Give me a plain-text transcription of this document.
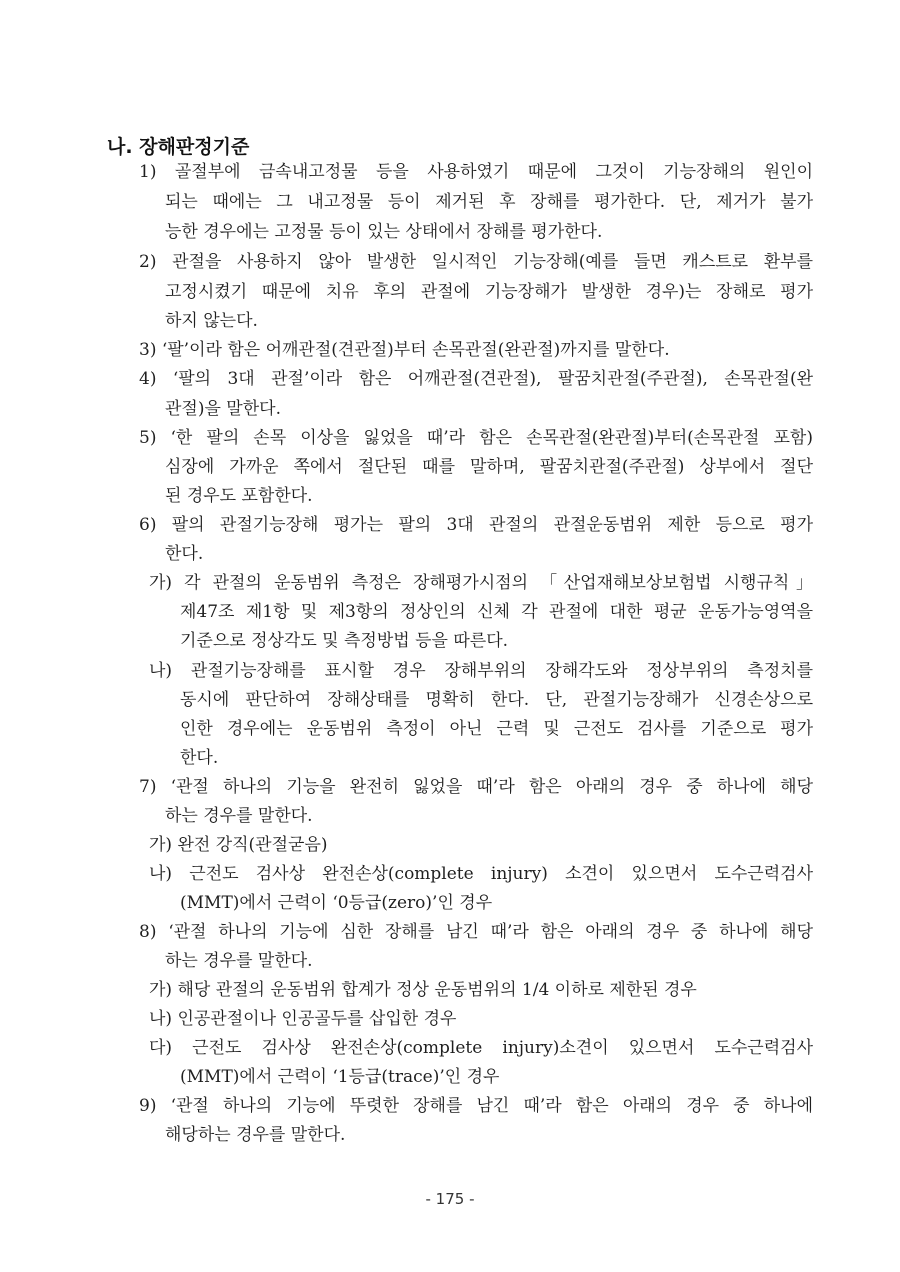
나. 장해판정기준
1) 골절부에 금속내고정물 등을 사용하였기 때문에 그것이 기능장해의 원인이
되는 때에는 그 내고정물 등이 제거된 후 장해를 평가한다. 단, 제거가 불가
능한 경우에는 고정물 등이 있는 상태에서 장해를 평가한다.
2) 관절을 사용하지 않아 발생한 일시적인 기능장해(예를 들면 캐스트로 환부를
고정시켰기 때문에 치유 후의 관절에 기능장해가 발생한 경우)는 장해로 평가
하지 않는다.
3) ‘팔’이라 함은 어깨관절(견관절)부터 손목관절(완관절)까지를 말한다.
4) ‘팔의 3대 관절’이라 함은 어깨관절(견관절), 팔꿈치관절(주관절), 손목관절(완
관절)을 말한다.
5) ‘한 팔의 손목 이상을 잃었을 때’라 함은 손목관절(완관절)부터(손목관절 포함)
심장에 가까운 쪽에서 절단된 때를 말하며, 팔꿈치관절(주관절) 상부에서 절단
된 경우도 포함한다.
6) 팔의 관절기능장해 평가는 팔의 3대 관절의 관절운동범위 제한 등으로 평가
한다.
가) 각 관절의 운동범위 측정은 장해평가시점의 「산업재해보상보험법 시행규칙」
제47조 제1항 및 제3항의 정상인의 신체 각 관절에 대한 평균 운동가능영역을
기준으로 정상각도 및 측정방법 등을 따른다.
나) 관절기능장해를 표시할 경우 장해부위의 장해각도와 정상부위의 측정치를
동시에 판단하여 장해상태를 명확히 한다. 단, 관절기능장해가 신경손상으로
인한 경우에는 운동범위 측정이 아닌 근력 및 근전도 검사를 기준으로 평가
한다.
7) ‘관절 하나의 기능을 완전히 잃었을 때’라 함은 아래의 경우 중 하나에 해당
하는 경우를 말한다.
가) 완전 강직(관절굳음)
나) 근전도 검사상 완전손상(complete injury) 소견이 있으면서 도수근력검사
(MMT)에서 근력이 ‘0등급(zero)’인 경우
8) ‘관절 하나의 기능에 심한 장해를 남긴 때’라 함은 아래의 경우 중 하나에 해당
하는 경우를 말한다.
가) 해당 관절의 운동범위 합계가 정상 운동범위의 1/4 이하로 제한된 경우
나) 인공관절이나 인공골두를 삽입한 경우
다) 근전도 검사상 완전손상(complete injury)소견이 있으면서 도수근력검사
(MMT)에서 근력이 ‘1등급(trace)’인 경우
9) ‘관절 하나의 기능에 뚜렷한 장해를 남긴 때’라 함은 아래의 경우 중 하나에
해당하는 경우를 말한다.
- 175 -
